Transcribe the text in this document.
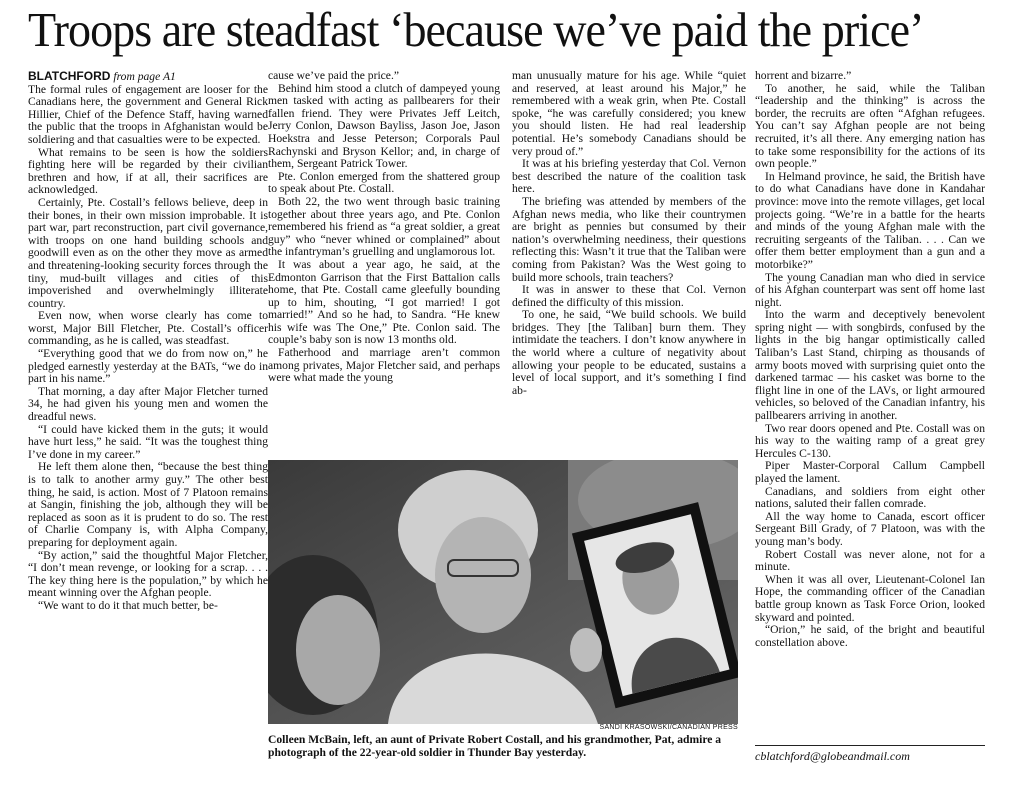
Troops are steadfast ‘because we’ve paid the price’

BLATCHFORD from page A1

The formal rules of engagement are looser for the Canadians here, the government and General Rick Hillier, Chief of the Defence Staff, having warned the public that the troops in Afghanistan would be soldiering and that casualties were to be expected.

What remains to be seen is how the soldiers fighting here will be regarded by their civilian brethren and how, if at all, their sacrifices are acknowledged.

Certainly, Pte. Costall’s fellows believe, deep in their bones, in their own mission improbable. It is part war, part reconstruction, part civil governance, with troops on one hand building schools and goodwill even as on the other they move as armed and threatening-looking security forces through the tiny, mud-built villages and cities of this impoverished and overwhelmingly illiterate country.

Even now, when worse clearly has come to worst, Major Bill Fletcher, Pte. Costall’s officer commanding, as he is called, was steadfast.

“Everything good that we do from now on,” he pledged earnestly yesterday at the BATs, “we do in part in his name.”

That morning, a day after Major Fletcher turned 34, he had given his young men and women the dreadful news.

“I could have kicked them in the guts; it would have hurt less,” he said. “It was the toughest thing I’ve done in my career.”

He left them alone then, “because the best thing is to talk to another army guy.” The other best thing, he said, is action. Most of 7 Platoon remains at Sangin, finishing the job, although they will be replaced as soon as it is prudent to do so. The rest of Charlie Company is, with Alpha Company, preparing for deployment again.

“By action,” said the thoughtful Major Fletcher, “I don’t mean revenge, or looking for a scrap. . . . The key thing here is the population,” by which he meant winning over the Afghan people.

“We want to do it that much better, be-

cause we’ve paid the price.”

Behind him stood a clutch of dampeyed young men tasked with acting as pallbearers for their fallen friend. They were Privates Jeff Leitch, Jerry Conlon, Dawson Bayliss, Jason Joe, Jason Hoekstra and Jesse Peterson; Corporals Paul Rachynski and Bryson Kellor; and, in charge of them, Sergeant Patrick Tower.

Pte. Conlon emerged from the shattered group to speak about Pte. Costall.

Both 22, the two went through basic training together about three years ago, and Pte. Conlon remembered his friend as “a great soldier, a great guy” who “never whined or complained” about the infantryman’s gruelling and unglamorous lot.

It was about a year ago, he said, at the Edmonton Garrison that the First Battalion calls home, that Pte. Costall came gleefully bounding up to him, shouting, “I got married! I got married!” And so he had, to Sandra. “He knew his wife was The One,” Pte. Conlon said. The couple’s baby son is now 13 months old.

Fatherhood and marriage aren’t common among privates, Major Fletcher said, and perhaps were what made the young

man unusually mature for his age. While “quiet and reserved, at least around his Major,” he remembered with a weak grin, when Pte. Costall spoke, “he was carefully considered; you knew you should listen. He had real leadership potential. He’s somebody Canadians should be very proud of.”

It was at his briefing yesterday that Col. Vernon best described the nature of the coalition task here.

The briefing was attended by members of the Afghan news media, who like their countrymen are bright as pennies but consumed by their nation’s overwhelming neediness, their questions reflecting this: Wasn’t it true that the Taliban were coming from Pakistan? Was the West going to build more schools, train teachers?

It was in answer to these that Col. Vernon defined the difficulty of this mission.

To one, he said, “We build schools. We build bridges. They [the Taliban] burn them. They intimidate the teachers. I don’t know anywhere in the world where a culture of negativity about allowing your people to be educated, sustains a level of local support, and it’s something I find ab-

horrent and bizarre.”

To another, he said, while the Taliban “leadership and the thinking” is across the border, the recruits are often “Afghan refugees. You can’t say Afghan people are not being recruited, it’s all there. Any emerging nation has to take some responsibility for the actions of its own people.”

In Helmand province, he said, the British have to do what Canadians have done in Kandahar province: move into the remote villages, get local projects going. “We’re in a battle for the hearts and minds of the young Afghan male with the recruiting sergeants of the Taliban. . . . Can we offer them better employment than a gun and a motorbike?”

The young Canadian man who died in service of his Afghan counterpart was sent off home last night.

Into the warm and deceptively benevolent spring night — with songbirds, confused by the lights in the big hangar optimistically called Taliban’s Last Stand, chirping as thousands of army boots moved with surprising quiet onto the darkened tarmac — his casket was borne to the flight line in one of the LAVs, or light armoured vehicles, so beloved of the Canadian infantry, his pallbearers arriving in another.

Two rear doors opened and Pte. Costall was on his way to the waiting ramp of a great grey Hercules C-130.

Piper Master-Corporal Callum Campbell played the lament.

Canadians, and soldiers from eight other nations, saluted their fallen comrade.

All the way home to Canada, escort officer Sergeant Bill Grady, of 7 Platoon, was with the young man’s body.

Robert Costall was never alone, not for a minute.

When it was all over, Lieutenant-Colonel Ian Hope, the commanding officer of the Canadian battle group known as Task Force Orion, looked skyward and pointed.

“Orion,” he said, of the bright and beautiful constellation above.

SANDI KRASOWSKI/CANADIAN PRESS
Colleen McBain, left, an aunt of Private Robert Costall, and his grandmother, Pat, admire a photograph of the 22-year-old soldier in Thunder Bay yesterday.	cblatchford@globeandmail.com
